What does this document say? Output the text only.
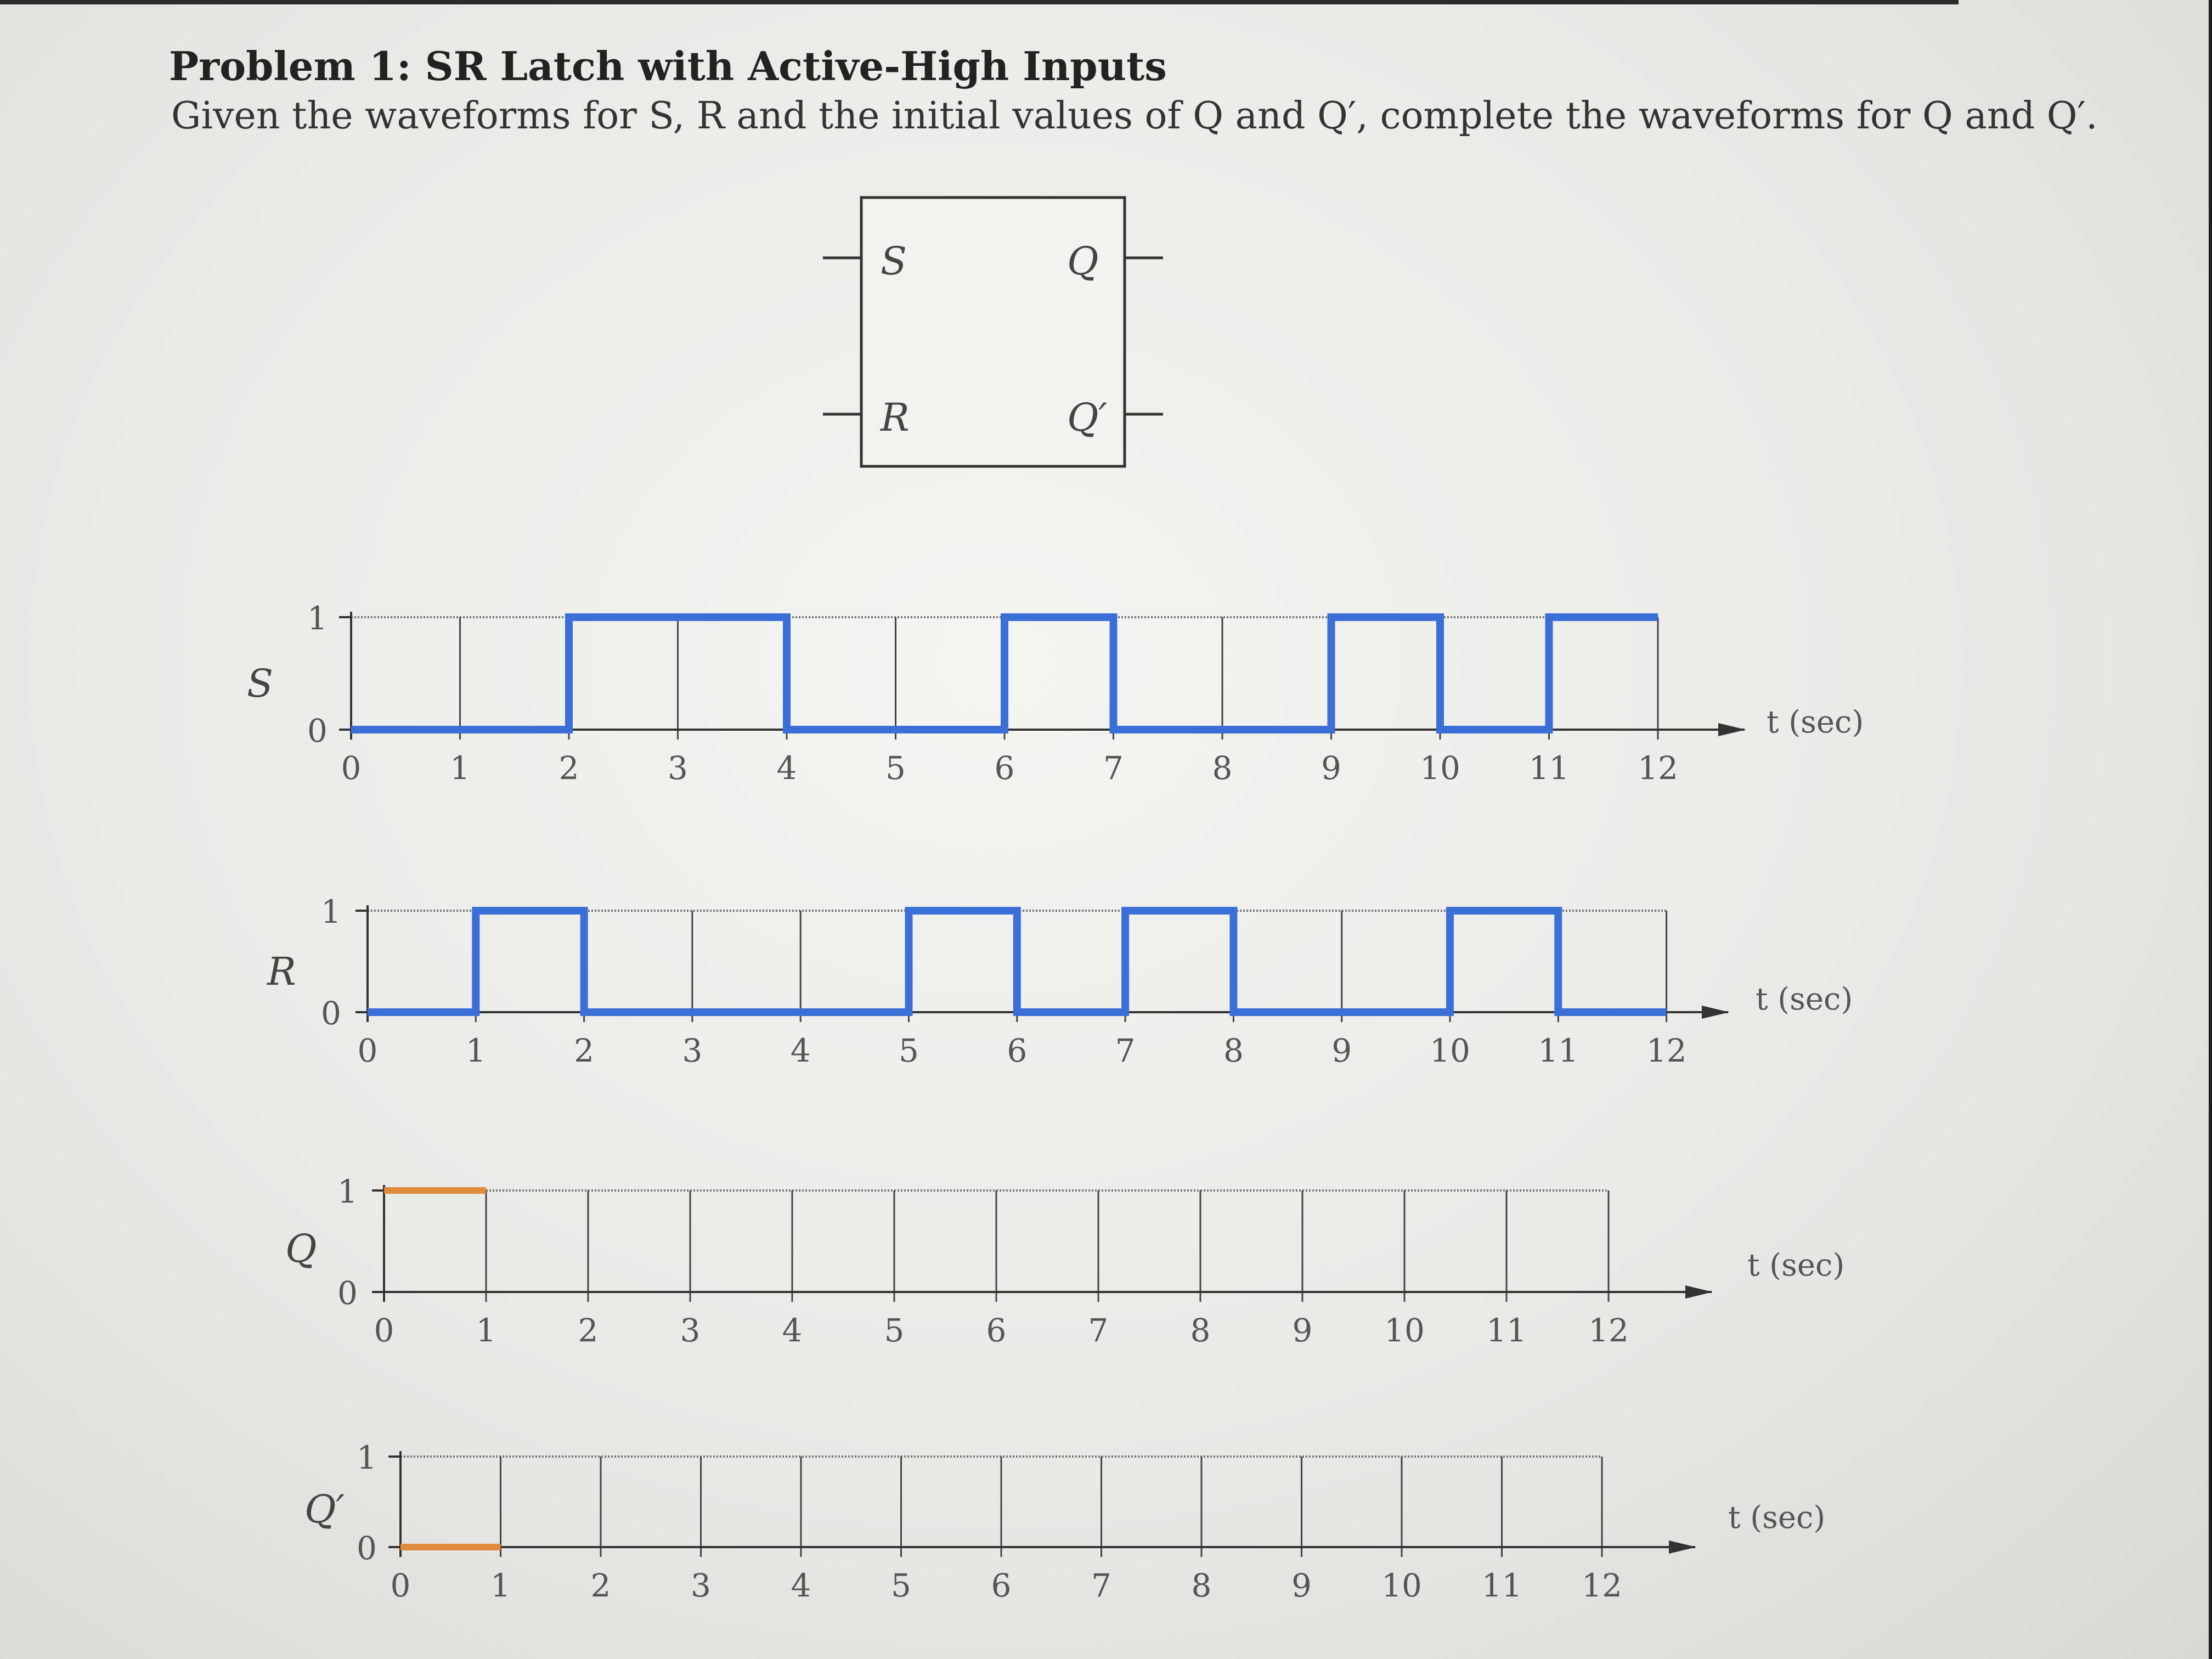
Problem 1: SR Latch with Active-High Inputs
Given the waveforms for S, R and the initial values of Q and Q′, complete the waveforms for Q and Q′.
S
R
Q
Q′
1
0
S
0	1	2	3	4	5	6	7	8	9 10 11 12
t (sec)
1
0
R
0	1	2	3	4	5	6	7	8	9 10 11 12
t (sec)
1
0
Q
0	1	2	3	4	5	6	7	8	9 10 11 12
t (sec)
1
0
Q′
0	1	2	3	4	5	6	7	8	9 10 11 12
t (sec)
